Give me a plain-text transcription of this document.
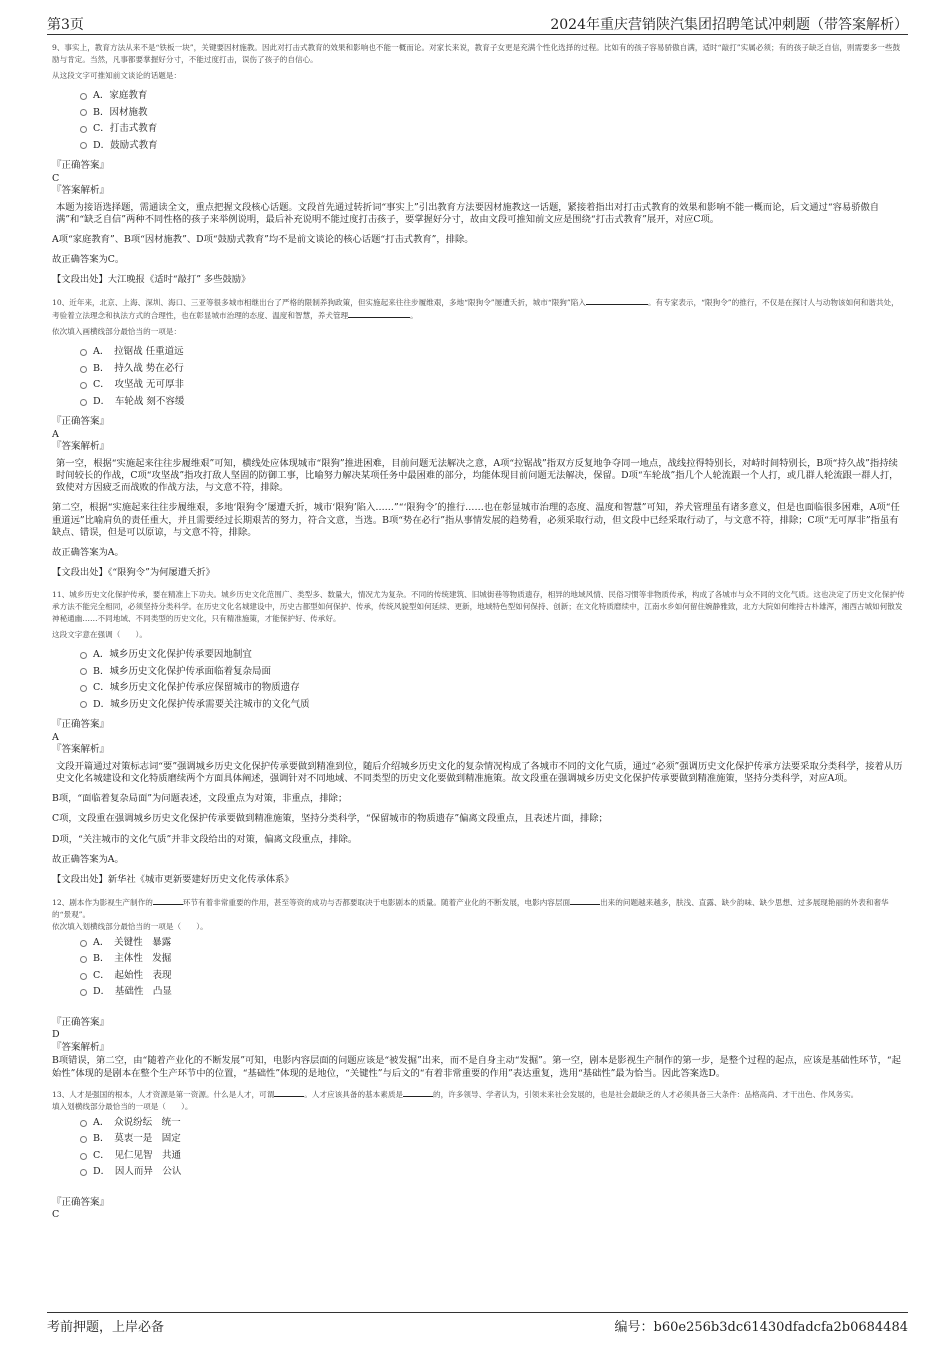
第3页	2024年重庆营销陕汽集团招聘笔试冲刺题（带答案解析）

9、事实上，教育方法从来不是“铁板一块”，关键要因材施教。因此对打击式教育的效果和影响也不能一概而论。对家长来说，教育子女更是充满个性化选择的过程。比如有的孩子容易骄傲自满，适时“敲打”实属必须；有的孩子缺乏自信，则需要多一些鼓励与肯定。当然，凡事都要掌握好分寸，不能过度打击，误伤了孩子的自信心。

从这段文字可推知前文谈论的话题是：

A．家庭教育
B．因材施教
C．打击式教育
D．鼓励式教育
『正确答案』
C
『答案解析』

本题为接语选择题，需通读全文，重点把握文段核心话题。文段首先通过转折词“事实上”引出教育方法要因材施教这一话题，紧接着指出对打击式教育的效果和影响不能一概而论，后文通过“容易骄傲自满”和“缺乏自信”两种不同性格的孩子来举例说明，最后补充说明不能过度打击孩子，要掌握好分寸，故由文段可推知前文应是围绕“打击式教育”展开，对应C项。

A项“家庭教育”、B项“因材施教”、D项“鼓励式教育”均不是前文谈论的核心话题“打击式教育”，排除。

故正确答案为C。

【文段出处】大江晚报《适时“敲打” 多些鼓励》

10、近年来，北京、上海、深圳、海口、三亚等很多城市相继出台了严格的限制养狗政策，但实施起来往往步履维艰，多地“限狗令”屡遭夭折，城市“限狗”陷入	。有专家表示，“限狗令”的推行，不仅是在探讨人与动物该如何和谐共处，考验着立法理念和执法方式的合理性，也在彰显城市治理的态度、温度和智慧，养犬管理	。

依次填入画横线部分最恰当的一项是：

A．　拉锯战 任重道远
B．　持久战 势在必行
C．　攻坚战 无可厚非
D．　车轮战 刻不容缓
『正确答案』
A
『答案解析』

第一空，根据“实施起来往往步履维艰”可知，横线处应体现城市“限狗”推进困难，目前问题无法解决之意，A项“拉锯战”指双方反复地争夺同一地点，战线拉得特别长，对峙时间特别长，B项“持久战”指持续时间较长的作战，C项“攻坚战”指攻打敌人坚固的防御工事，比喻努力解决某项任务中最困难的部分，均能体现目前问题无法解决，保留。D项“车轮战”指几个人轮流跟一个人打，或几群人轮流跟一群人打，致使对方因疲乏而战败的作战方法，与文意不符，排除。

第二空，根据“实施起来往往步履维艰，多地‘限狗令’屡遭夭折，城市‘限狗’陷入……”“‘限狗令’的推行……也在彰显城市治理的态度、温度和智慧”可知，养犬管理虽有诸多意义，但是也面临很多困难，A项“任重道远”比喻肩负的责任重大，并且需要经过长期艰苦的努力，符合文意，当选。B项“势在必行”指从事情发展的趋势看，必须采取行动，但文段中已经采取行动了，与文意不符，排除；C项“无可厚非”指虽有缺点、错误，但是可以原谅，与文意不符，排除。

故正确答案为A。

【文段出处】《“限狗令”为何屡遭夭折》

11、城乡历史文化保护传承，要在精准上下功夫。城乡历史文化范围广、类型多、数量大，情况尤为复杂。不同的传统建筑、旧城街巷等物质遗存，相异的地域风情、民俗习惯等非物质传承，构成了各城市与众不同的文化气质。这也决定了历史文化保护传承方法不能完全相同，必须坚持分类科学。在历史文化名城建设中，历史古都型如何保护、传承，传统风貌型如何延续、更新，地域特色型如何保持、创新；在文化特质磨续中，江南水乡如何留住婉静雅致，北方大院如何维持古朴雄浑，湘西古城如何散发神秘通幽……不同地域、不同类型的历史文化，只有精准施策，才能保护好、传承好。

这段文字意在强调（　　）。

A．城乡历史文化保护传承要因地制宜
B．城乡历史文化保护传承面临着复杂局面
C．城乡历史文化保护传承应保留城市的物质遗存
D．城乡历史文化保护传承需要关注城市的文化气质
『正确答案』
A
『答案解析』

文段开篇通过对策标志词“要”强调城乡历史文化保护传承要做到精准到位，随后介绍城乡历史文化的复杂情况构成了各城市不同的文化气质，通过“必须”强调历史文化保护传承方法要采取分类科学，接着从历史文化名城建设和文化特质磨续两个方面具体阐述，强调针对不同地域、不同类型的历史文化要做到精准施策。故文段重在强调城乡历史文化保护传承要做到精准施策，坚持分类科学，对应A项。

B项，“面临着复杂局面”为问题表述，文段重点为对策，非重点，排除；

C项，文段重在强调城乡历史文化保护传承要做到精准施策，坚持分类科学，“保留城市的物质遗存”偏离文段重点，且表述片面，排除；

D项，“关注城市的文化气质”并非文段给出的对策，偏离文段重点，排除。

故正确答案为A。

【文段出处】新华社《城市更新要建好历史文化传承体系》

12、剧本作为影视生产制作的	环节有着非常重要的作用，甚至等资的成功与否都要取决于电影剧本的质量。随着产业化的不断发展，电影内容层面	出来的问题越来越多，肤浅、直露、缺少韵味、缺少思想、过多展现艳丽的外表和奢华的“景观”。

依次填入划横线部分最恰当的一项是（　　）。

A．　关键性　暴露
B．　主体性　发掘
C．　起始性　表现
D．　基础性　凸显
『正确答案』
D
『答案解析』

B项错误，第二空，由“随着产业化的不断发展”可知，电影内容层面的问题应该是“被发掘”出来，而不是自身主动“发掘”。第一空，剧本是影视生产制作的第一步，是整个过程的起点，应该是基础性环节，“起始性”体现的是剧本在整个生产环节中的位置，“基础性”体现的是地位，“关键性”与后文的“有着非常重要的作用”表达重复，选用“基础性”最为恰当。因此答案选D。

13、人才是强国的根本，人才资源是第一资源。什么是人才，可谓	。人才应该具备的基本素质是	的，许多领导、学者认为，引领未来社会发展的，也是社会最缺乏的人才必须具备三大条件：品格高尚、才干出色、作风务实。

填入划横线部分最恰当的一项是（　　）。

A．　众说纷纭　统一
B．　莫衷一是　固定
C．　见仁见智　共通
D．　因人而异　公认
『正确答案』
C
考前押题，上岸必备	编号：b60e256b3dc61430dfadcfa2b0684484
